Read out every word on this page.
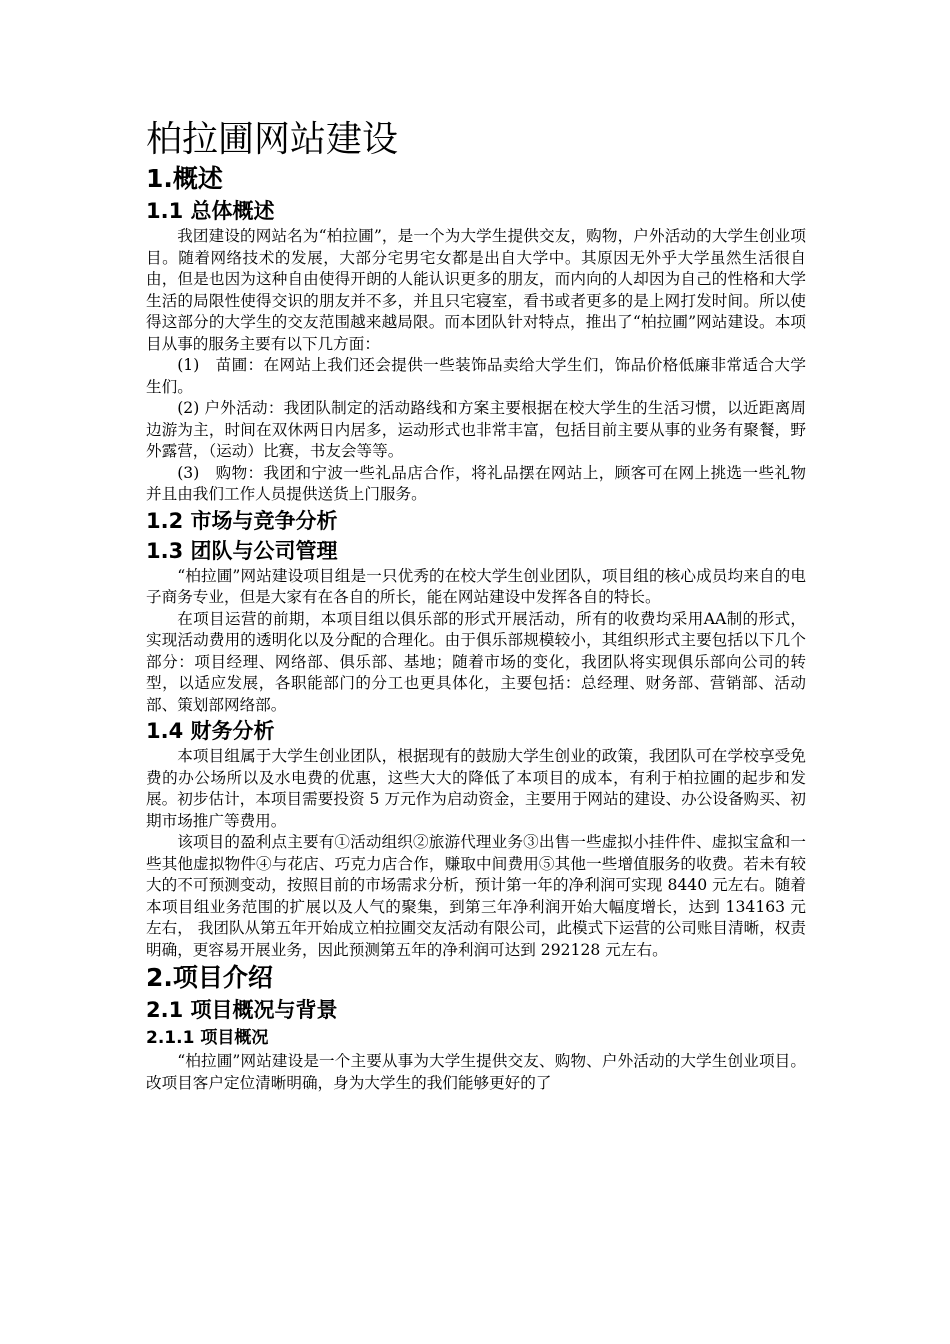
柏拉圃网站建设
1.概述
1.1 总体概述

我团建设的网站名为“柏拉圃”，是一个为大学生提供交友，购物，户外活动的大学生创业项目。随着网络技术的发展，大部分宅男宅女都是出自大学中。其原因无外乎大学虽然生活很自由，但是也因为这种自由使得开朗的人能认识更多的朋友，而内向的人却因为自己的性格和大学生活的局限性使得交识的朋友并不多，并且只宅寝室，看书或者更多的是上网打发时间。所以使得这部分的大学生的交友范围越来越局限。而本团队针对特点，推出了“柏拉圃”网站建设。本项目从事的服务主要有以下几方面：

(1)　苗圃：在网站上我们还会提供一些装饰品卖给大学生们，饰品价格低廉非常适合大学生们。

(2) 户外活动：我团队制定的活动路线和方案主要根据在校大学生的生活习惯，以近距离周边游为主，时间在双休两日内居多，运动形式也非常丰富，包括目前主要从事的业务有聚餐，野外露营，（运动）比赛，书友会等等。

(3)　购物：我团和宁波一些礼品店合作，将礼品摆在网站上，顾客可在网上挑选一些礼物并且由我们工作人员提供送货上门服务。

1.2 市场与竞争分析
1.3 团队与公司管理

“柏拉圃”网站建设项目组是一只优秀的在校大学生创业团队，项目组的核心成员均来自的电子商务专业，但是大家有在各自的所长，能在网站建设中发挥各自的特长。

在项目运营的前期，本项目组以俱乐部的形式开展活动，所有的收费均采用AA制的形式，实现活动费用的透明化以及分配的合理化。由于俱乐部规模较小，其组织形式主要包括以下几个部分：项目经理、网络部、俱乐部、基地；随着市场的变化，我团队将实现俱乐部向公司的转型，以适应发展，各职能部门的分工也更具体化，主要包括：总经理、财务部、营销部、活动部、策划部网络部。

1.4 财务分析

本项目组属于大学生创业团队，根据现有的鼓励大学生创业的政策，我团队可在学校享受免费的办公场所以及水电费的优惠，这些大大的降低了本项目的成本，有利于柏拉圃的起步和发展。初步估计，本项目需要投资 5 万元作为启动资金，主要用于网站的建设、办公设备购买、初期市场推广等费用。

该项目的盈利点主要有①活动组织②旅游代理业务③出售一些虚拟小挂件件、虚拟宝盒和一些其他虚拟物件④与花店、巧克力店合作，赚取中间费用⑤其他一些增值服务的收费。若未有较大的不可预测变动，按照目前的市场需求分析，预计第一年的净利润可实现 8440 元左右。随着本项目组业务范围的扩展以及人气的聚集，到第三年净利润开始大幅度增长，达到 134163 元左右， 我团队从第五年开始成立柏拉圃交友活动有限公司，此模式下运营的公司账目清晰，权责明确，更容易开展业务，因此预测第五年的净利润可达到 292128 元左右。

2.项目介绍
2.1 项目概况与背景
2.1.1 项目概况

“柏拉圃”网站建设是一个主要从事为大学生提供交友、购物、户外活动的大学生创业项目。改项目客户定位清晰明确，身为大学生的我们能够更好的了
